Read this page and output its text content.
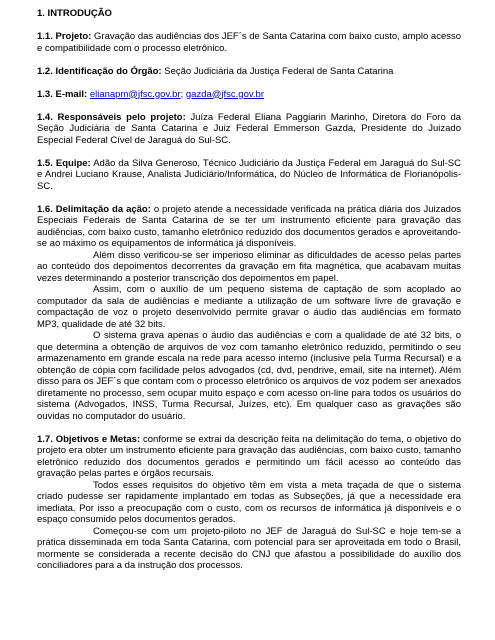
1. INTRODUÇÃO

1.1. Projeto: Gravação das audiências dos JEF´s de Santa Catarina com baixo custo, amplo acesso e compatibilidade com o processo eletrônico.

1.2. Identificação do Órgão: Seção Judiciária da Justiça Federal de Santa Catarina

1.3. E-mail: elianapm@jfsc.gov.br; gazda@jfsc.gov.br

1.4. Responsáveis pelo projeto: Juíza Federal Eliana Paggiarin Marinho, Diretora do Foro da Seção Judiciária de Santa Catarina e Juiz Federal Emmerson Gazda, Presidente do Juizado Especial Federal Cível de Jaraguá do Sul-SC.

1.5. Equipe: Adão da Silva Generoso, Técnico Judiciário da Justiça Federal em Jaraguá do Sul-SC e Andrei Luciano Krause, Analista Judiciário/Informática, do Núcleo de Informática de Florianópolis-SC.

1.6. Delimitação da ação: o projeto atende a necessidade verificada na prática diária dos Juizados Especiais Federais de Santa Catarina de se ter um instrumento eficiente para gravação das audiências, com baixo custo, tamanho eletrônico reduzido dos documentos gerados e aproveitando-se ao máximo os equipamentos de informática já disponíveis.

Além disso verificou-se ser imperioso eliminar as dificuldades de acesso pelas partes ao conteúdo dos depoimentos decorrentes da gravação em fita magnética, que acabavam muitas vezes determinando a posterior transcrição dos depoimentos em papel.

Assim, com o auxílio de um pequeno sistema de captação de som acoplado ao computador da sala de audiências e mediante a utilização de um software livre de gravação e compactação de voz o projeto desenvolvido permite gravar o áudio das audiências em formato MP3, qualidade de até 32 bits.

O sistema grava apenas o áudio das audiências e com a qualidade de até 32 bits, o que determina a obtenção de arquivos de voz com tamanho eletrônico reduzido, permitindo o seu armazenamento em grande escala na rede para acesso interno (inclusive pela Turma Recursal) e a obtenção de cópia com facilidade pelos advogados (cd, dvd, pendrive, email, site na internet). Além disso para os JEF´s que contam com o processo eletrônico os arquivos de voz podem ser anexados diretamente no processo, sem ocupar muito espaço e com acesso on-line para todos os usuários do sistema (Advogados, INSS, Turma Recursal, Juízes, etc). Em qualquer caso as gravações são ouvidas no computador do usuário.

1.7. Objetivos e Metas: conforme se extrai da descrição feita na delimitação do tema, o objetivo do projeto era obter um instrumento eficiente para gravação das audiências, com baixo custo, tamanho eletrônico reduzido dos documentos gerados e permitindo um fácil acesso ao conteúdo das gravação pelas partes e órgãos recursais.

Todos esses requisitos do objetivo têm em vista a meta traçada de que o sistema criado pudesse ser rapidamente implantado em todas as Subseções, já que a necessidade era imediata. Por isso a preocupação com o custo, com os recursos de informática já disponíveis e o espaço consumido pelos documentos gerados.

Começou-se com um projeto-piloto no JEF de Jaraguá do Sul-SC e hoje tem-se a prática disseminada em toda Santa Catarina, com potencial para ser aproveitada em todo o Brasil, mormente se considerada a recente decisão do CNJ que afastou a possibilidade do auxílio dos conciliadores para a da instrução dos processos.
